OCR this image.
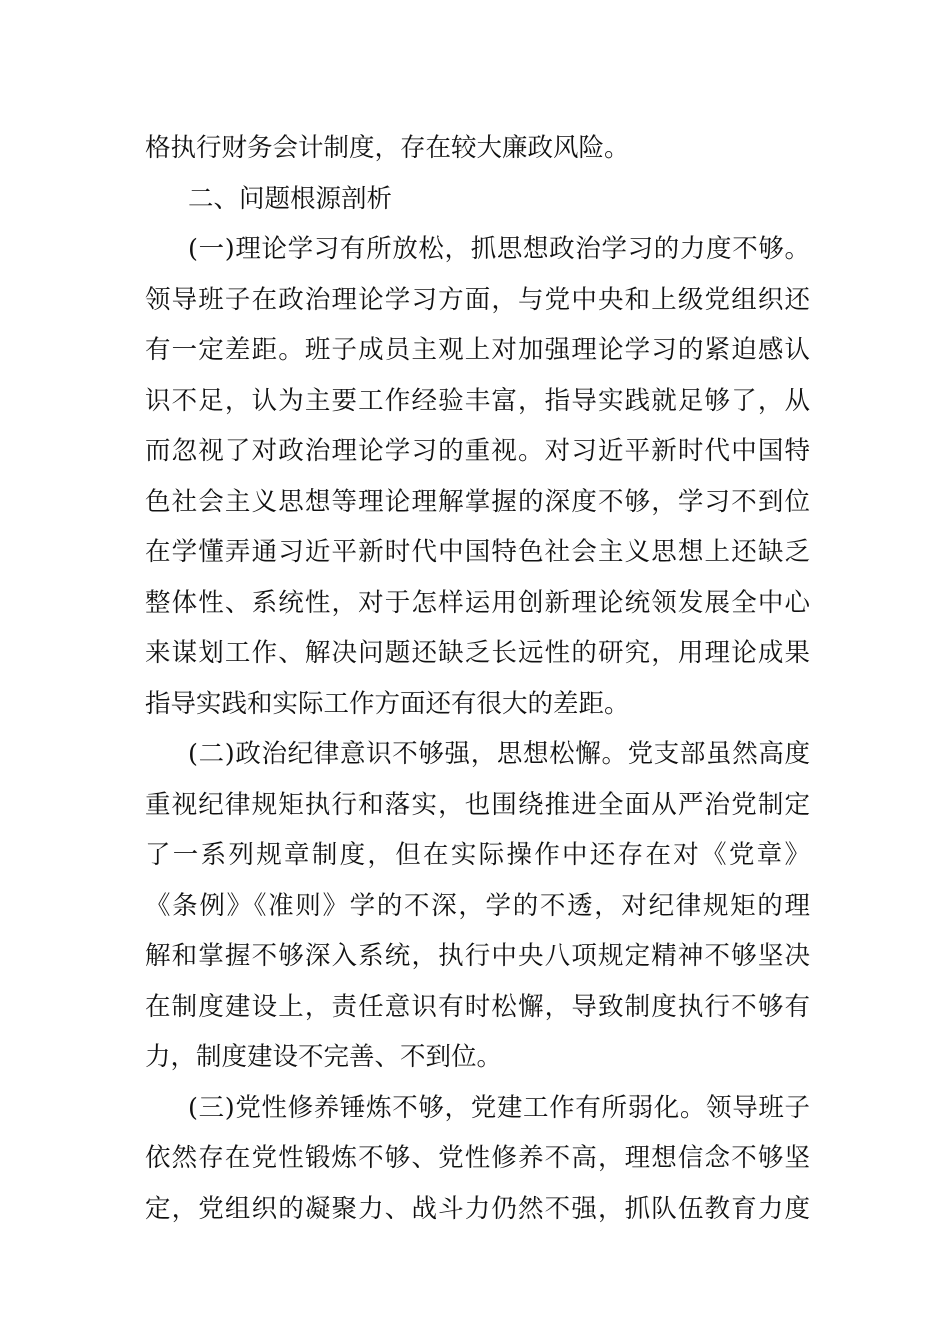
格执行财务会计制度，存在较大廉政风险。
二、问题根源剖析
(一)理论学习有所放松，抓思想政治学习的力度不够。
领导班子在政治理论学习方面，与党中央和上级党组织还
有一定差距。班子成员主观上对加强理论学习的紧迫感认
识不足，认为主要工作经验丰富，指导实践就足够了，从
而忽视了对政治理论学习的重视。对习近平新时代中国特
色社会主义思想等理论理解掌握的深度不够，学习不到位
在学懂弄通习近平新时代中国特色社会主义思想上还缺乏
整体性、系统性，对于怎样运用创新理论统领发展全中心
来谋划工作、解决问题还缺乏长远性的研究，用理论成果
指导实践和实际工作方面还有很大的差距。
(二)政治纪律意识不够强，思想松懈。党支部虽然高度
重视纪律规矩执行和落实，也围绕推进全面从严治党制定
了一系列规章制度，但在实际操作中还存在对《党章》
《条例》《准则》学的不深，学的不透，对纪律规矩的理
解和掌握不够深入系统，执行中央八项规定精神不够坚决
在制度建设上，责任意识有时松懈，导致制度执行不够有
力，制度建设不完善、不到位。
(三)党性修养锤炼不够，党建工作有所弱化。领导班子
依然存在党性锻炼不够、党性修养不高，理想信念不够坚
定，党组织的凝聚力、战斗力仍然不强，抓队伍教育力度
